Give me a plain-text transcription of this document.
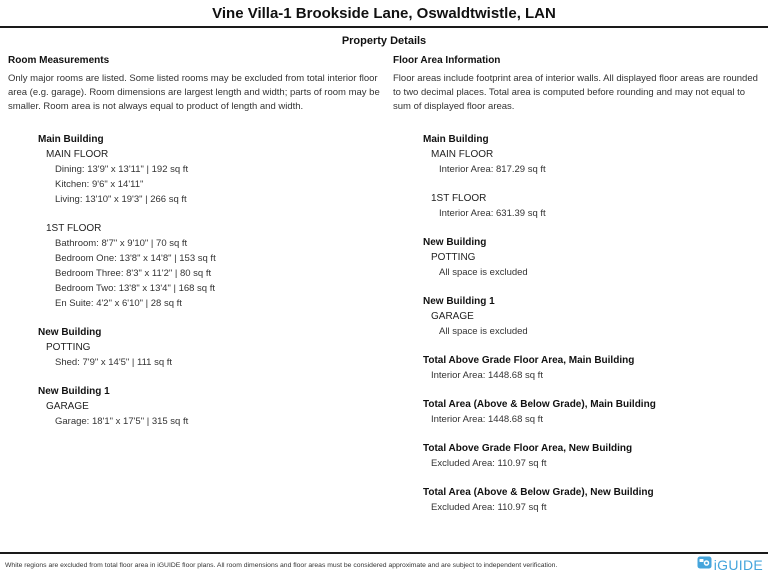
Vine Villa-1 Brookside Lane, Oswaldtwistle, LAN
Property Details
Room Measurements
Only major rooms are listed. Some listed rooms may be excluded from total interior floor area (e.g. garage). Room dimensions are largest length and width; parts of room may be smaller. Room area is not always equal to product of length and width.
Main Building
MAIN FLOOR
Dining: 13'9" x 13'11" | 192 sq ft
Kitchen: 9'6" x 14'11"
Living: 13'10" x 19'3" | 266 sq ft
1ST FLOOR
Bathroom: 8'7" x 9'10" | 70 sq ft
Bedroom One: 13'8" x 14'8" | 153 sq ft
Bedroom Three: 8'3" x 11'2" | 80 sq ft
Bedroom Two: 13'8" x 13'4" | 168 sq ft
En Suite: 4'2" x 6'10" | 28 sq ft
New Building
POTTING
Shed: 7'9" x 14'5" | 111 sq ft
New Building 1
GARAGE
Garage: 18'1" x 17'5" | 315 sq ft
Floor Area Information
Floor areas include footprint area of interior walls. All displayed floor areas are rounded to two decimal places. Total area is computed before rounding and may not equal to sum of displayed floor areas.
Main Building
MAIN FLOOR
Interior Area: 817.29 sq ft
1ST FLOOR
Interior Area: 631.39 sq ft
New Building
POTTING
All space is excluded
New Building 1
GARAGE
All space is excluded
Total Above Grade Floor Area, Main Building
Interior Area: 1448.68 sq ft
Total Area (Above & Below Grade), Main Building
Interior Area: 1448.68 sq ft
Total Above Grade Floor Area, New Building
Excluded Area: 110.97 sq ft
Total Area (Above & Below Grade), New Building
Excluded Area: 110.97 sq ft
White regions are excluded from total floor area in iGUIDE floor plans. All room dimensions and floor areas must be considered approximate and are subject to independent verification.	iGUIDE
